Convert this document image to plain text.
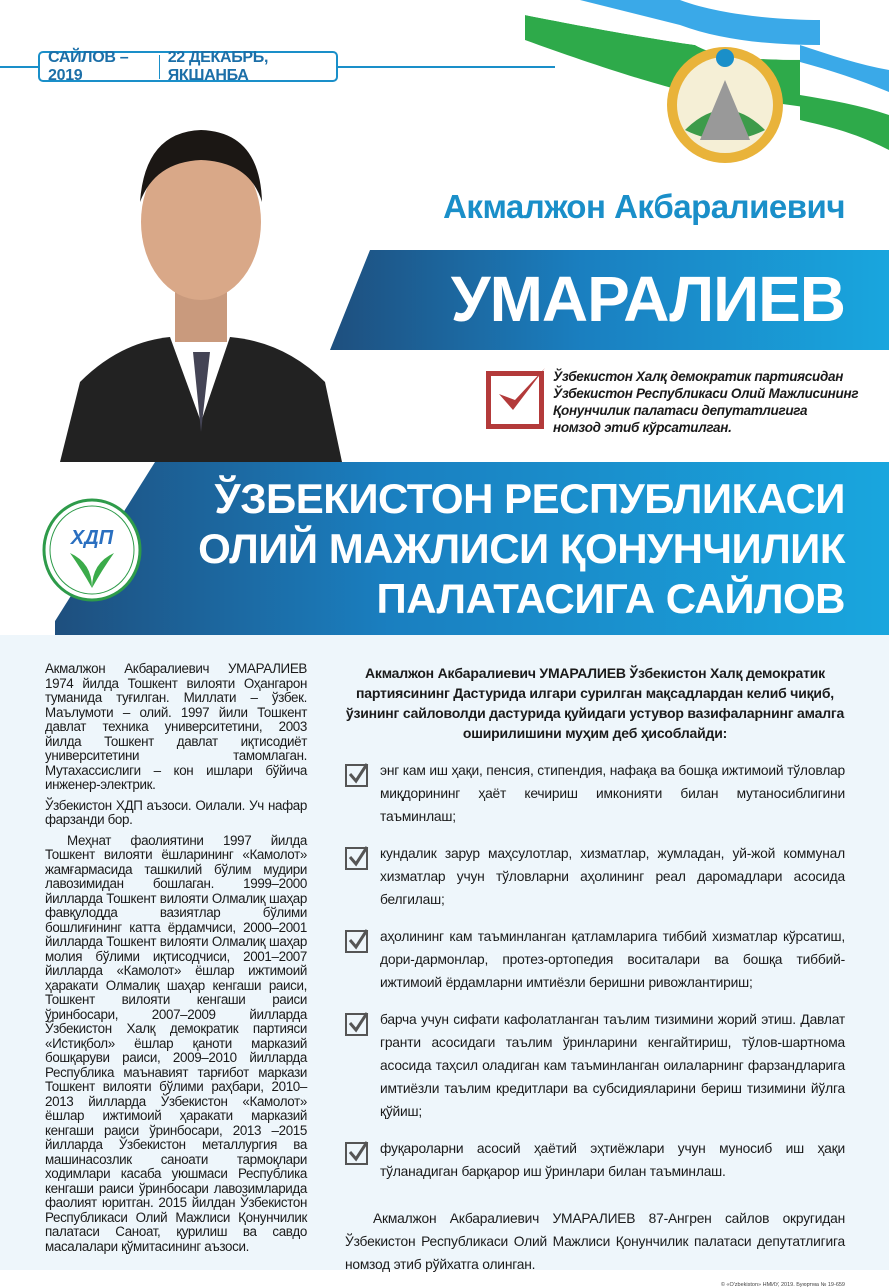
САЙЛОВ – 2019
22 ДЕКАБРЬ, ЯКШАНБА
Акмалжон Акбаралиевич
УМАРАЛИЕВ
Ўзбекистон Халқ демократик партиясидан
Ўзбекистон Республикаси Олий Мажлисининг
Қонунчилик палатаси депутатлигига
номзод этиб кўрсатилган.
ЎЗБЕКИСТОН РЕСПУБЛИКАСИ
ОЛИЙ МАЖЛИСИ ҚОНУНЧИЛИК
ПАЛАТАСИГА САЙЛОВ
ХДП

Акмалжон Акбаралиевич УМАРАЛИЕВ 1974 йилда Тошкент вилояти Оҳангарон туманида туғилган. Миллати – ўзбек. Маълумоти – олий. 1997 йили Тошкент давлат техника университетини, 2003 йилда Тошкент давлат иқтисодиёт университетини тамомлаган. Мутахассислиги – кон ишлари бўйича инженер-электрик.

Ўзбекистон ХДП аъзоси. Оилали. Уч нафар фарзанди бор.

Меҳнат фаолиятини 1997 йилда Тошкент вилояти ёшларининг «Камолот» жамғармасида ташкилий бўлим мудири лавозимидан бошлаган. 1999–2000 йилларда Тошкент вилояти Олмалиқ шаҳар фавқулодда вазиятлар бўлими бошлиғининг катта ёрдамчиси, 2000–2001 йилларда Тошкент вилояти Олмалиқ шаҳар молия бўлими иқтисодчиси, 2001–2007 йилларда «Камолот» ёшлар ижтимоий ҳаракати Олмалиқ шаҳар кенгаши раиси, Тошкент вилояти кенгаши раиси ўринбосари, 2007–2009 йилларда Ўзбекистон Халқ демократик партияси «Истиқбол» ёшлар қаноти марказий бошқаруви раиси, 2009–2010 йилларда Республика маънавият тарғибот маркази Тошкент вилояти бўлими раҳбари, 2010–2013 йилларда Ўзбекистон «Камолот» ёшлар ижтимоий ҳаракати марказий кенгаши раиси ўринбосари, 2013 –2015 йилларда Ўзбекистон металлургия ва машинасозлик саноати тармоқлари ходимлари касаба уюшмаси Республика кенгаши раиси ўринбосари лавозимларида фаолият юритган. 2015 йилдан Ўзбекистон Республикаси Олий Мажлиси Қонунчилик палатаси Саноат, қурилиш ва савдо масалалари қўмитасининг аъзоси.

Акмалжон Акбаралиевич УМАРАЛИЕВ Ўзбекистон Халқ демократик партиясининг Дастурида илгари сурилган мақсадлардан келиб чиқиб, ўзининг сайловолди дастурида қуйидаги устувор вазифаларнинг амалга оширилишини муҳим деб ҳисоблайди:
энг кам иш ҳақи, пенсия, стипендия, нафақа ва бошқа ижтимоий тўловлар миқдорининг ҳаёт кечириш имконияти билан мутаносиблигини таъминлаш;
кундалик зарур маҳсулотлар, хизматлар, жумладан, уй-жой коммунал хизматлар учун тўловларни аҳолининг реал даромадлари асосида белгилаш;
аҳолининг кам таъминланган қатламларига тиббий хизматлар кўрсатиш, дори-дармонлар, протез-ортопедия воситалари ва бошқа тиббий-ижтимоий ёрдамларни имтиёзли беришни ривожлантириш;
барча учун сифати кафолатланган таълим тизимини жорий этиш. Давлат гранти асосидаги таълим ўринларини кенгайтириш, тўлов-шартнома асосида таҳсил оладиган кам таъминланган оилаларнинг фарзандларига имтиёзли таълим кредитлари ва субсидияларини бериш тизимини йўлга қўйиш;
фуқароларни асосий ҳаётий эҳтиёжлари учун муносиб иш ҳақи тўланадиган барқарор иш ўринлари билан таъминлаш.
Акмалжон Акбаралиевич УМАРАЛИЕВ 87-Ангрен сайлов округидан Ўзбекистон Республикаси Олий Мажлиси Қонунчилик палатаси депутатлигига номзод этиб рўйхатга олинган.
© «O'zbekiston» НМИУ, 2019. Буюртма № 19-659
